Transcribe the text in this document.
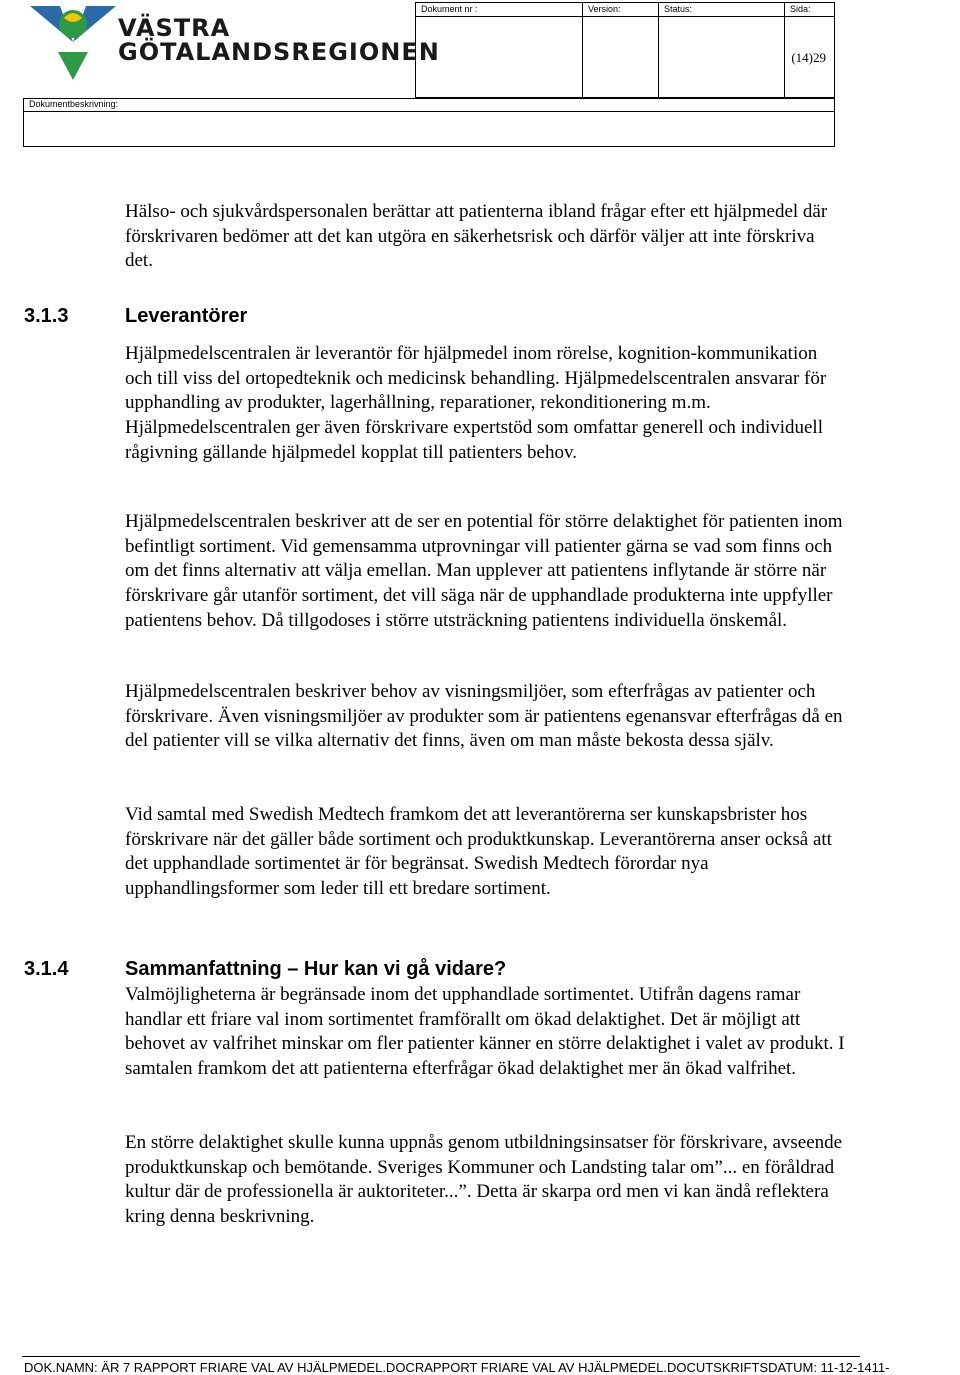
VÄSTRA
GÖTALANDSREGIONEN
Dokument nr :	Version:	Status:	Sida:
(14)29
Dokumentbeskrivning:

Hälso- och sjukvårdspersonalen berättar att patienterna ibland frågar efter ett hjälpmedel där förskrivaren bedömer att det kan utgöra en säkerhetsrisk och därför väljer att inte förskriva det.

3.1.3	Leverantörer

Hjälpmedelscentralen är leverantör för hjälpmedel inom rörelse, kognition-kommunikation och till viss del ortopedteknik och medicinsk behandling. Hjälpmedelscentralen ansvarar för upphandling av produkter, lagerhållning, reparationer, rekonditionering m.m. Hjälpmedelscentralen ger även förskrivare expertstöd som omfattar generell och individuell rågivning gällande hjälpmedel kopplat till patienters behov.

Hjälpmedelscentralen beskriver att de ser en potential för större delaktighet för patienten inom befintligt sortiment. Vid gemensamma utprovningar vill patienter gärna se vad som finns och om det finns alternativ att välja emellan. Man upplever att patientens inflytande är större när förskrivare går utanför sortiment, det vill säga när de upphandlade produkterna inte uppfyller patientens behov. Då tillgodoses i större utsträckning patientens individuella önskemål.

Hjälpmedelscentralen beskriver behov av visningsmiljöer, som efterfrågas av patienter och förskrivare. Även visningsmiljöer av produkter som är patientens egenansvar efterfrågas då en del patienter vill se vilka alternativ det finns, även om man måste bekosta dessa själv.

Vid samtal med Swedish Medtech framkom det att leverantörerna ser kunskapsbrister hos förskrivare när det gäller både sortiment och produktkunskap. Leverantörerna anser också att det upphandlade sortimentet är för begränsat. Swedish Medtech förordar nya upphandlingsformer som leder till ett bredare sortiment.

3.1.4	Sammanfattning – Hur kan vi gå vidare?

Valmöjligheterna är begränsade inom det upphandlade sortimentet. Utifrån dagens ramar handlar ett friare val inom sortimentet framförallt om ökad delaktighet. Det är möjligt att behovet av valfrihet minskar om fler patienter känner en större delaktighet i valet av produkt. I samtalen framkom det att patienterna efterfrågar ökad delaktighet mer än ökad valfrihet.

En större delaktighet skulle kunna uppnås genom utbildningsinsatser för förskrivare, avseende produktkunskap och bemötande. Sveriges Kommuner och Landsting talar om”... en föråldrad kultur där de professionella är auktoriteter...”. Detta är skarpa ord men vi kan ändå reflektera kring denna beskrivning.

DOK.NAMN: ÄR 7 RAPPORT FRIARE VAL AV HJÄLPMEDEL.DOCRAPPORT FRIARE VAL AV HJÄLPMEDEL.DOCUTSKRIFTSDATUM: 11-12-1411-
